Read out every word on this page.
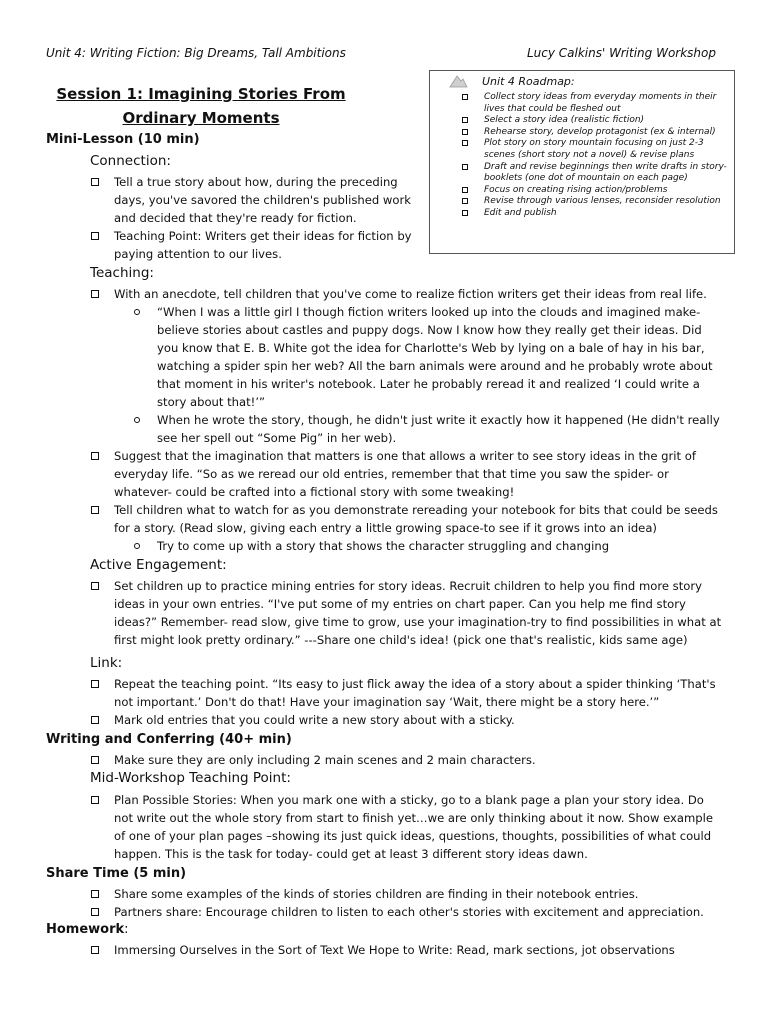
Unit 4: Writing Fiction: Big Dreams, Tall Ambitions	Lucy Calkins' Writing Workshop
Session 1: Imagining Stories From
Ordinary Moments
Unit 4 Roadmap:
Collect story ideas from everyday moments in their lives that could be fleshed out
Select a story idea (realistic fiction)
Rehearse story, develop protagonist (ex & internal)
Plot story on story mountain focusing on just 2-3 scenes (short story not a novel) & revise plans
Draft and revise beginnings then write drafts in story-booklets (one dot of mountain on each page)
Focus on creating rising action/problems
Revise through various lenses, reconsider resolution
Edit and publish
Mini-Lesson (10 min)
Connection:
Tell a true story about how, during the preceding days, you've savored the children's published work and decided that they're ready for fiction.
Teaching Point: Writers get their ideas for fiction by paying attention to our lives.
Teaching:
With an anecdote, tell children that you've come to realize fiction writers get their ideas from real life.
“When I was a little girl I though fiction writers looked up into the clouds and imagined make-believe stories about castles and puppy dogs. Now I know how they really get their ideas. Did you know that E. B. White got the idea for Charlotte's Web by lying on a bale of hay in his bar, watching a spider spin her web? All the barn animals were around and he probably wrote about that moment in his writer's notebook. Later he probably reread it and realized ‘I could write a story about that!’”
When he wrote the story, though, he didn't just write it exactly how it happened (He didn't really see her spell out “Some Pig” in her web).
Suggest that the imagination that matters is one that allows a writer to see story ideas in the grit of everyday life. “So as we reread our old entries, remember that that time you saw the spider- or whatever- could be crafted into a fictional story with some tweaking!
Tell children what to watch for as you demonstrate rereading your notebook for bits that could be seeds for a story. (Read slow, giving each entry a little growing space-to see if it grows into an idea)
Try to come up with a story that shows the character struggling and changing
Active Engagement:
Set children up to practice mining entries for story ideas. Recruit children to help you find more story ideas in your own entries. “I've put some of my entries on chart paper. Can you help me find story ideas?” Remember- read slow, give time to grow, use your imagination-try to find possibilities in what at first might look pretty ordinary.” ---Share one child's idea! (pick one that's realistic, kids same age)
Link:
Repeat the teaching point. “Its easy to just flick away the idea of a story about a spider thinking ‘That's not important.’ Don't do that! Have your imagination say ‘Wait, there might be a story here.’”
Mark old entries that you could write a new story about with a sticky.
Writing and Conferring (40+ min)
Make sure they are only including 2 main scenes and 2 main characters.
Mid-Workshop Teaching Point:
Plan Possible Stories: When you mark one with a sticky, go to a blank page a plan your story idea. Do not write out the whole story from start to finish yet…we are only thinking about it now. Show example of one of your plan pages –showing its just quick ideas, questions, thoughts, possibilities of what could happen. This is the task for today- could get at least 3 different story ideas dawn.
Share Time (5 min)
Share some examples of the kinds of stories children are finding in their notebook entries.
Partners share: Encourage children to listen to each other's stories with excitement and appreciation.
Homework:
Immersing Ourselves in the Sort of Text We Hope to Write: Read, mark sections, jot observations
